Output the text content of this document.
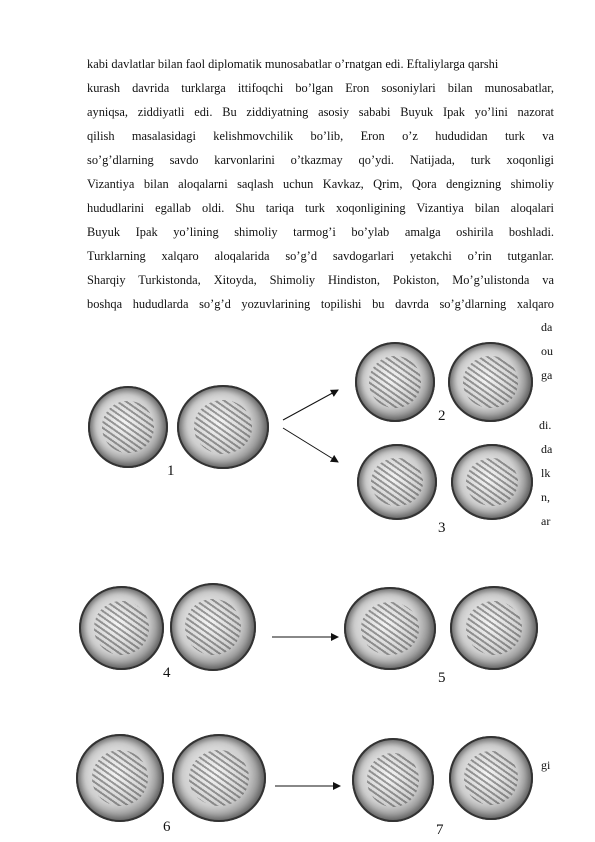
kabi davlatlar bilan faol diplomatik munosabatlar o’rnatgan edi. Eftaliylarga qarshi
kurash davrida turklarga ittifoqchi bo’lgan Eron sosoniylari bilan munosabatlar,
ayniqsa, ziddiyatli edi. Bu ziddiyatning asosiy sababi Buyuk Ipak yo’lini nazorat
qilish masalasidagi kelishmovchilik bo’lib, Eron o’z hududidan turk va
so’g’dlarning savdo karvonlarini o’tkazmay qo’ydi. Natijada, turk xoqonligi
Vizantiya bilan aloqalarni saqlash uchun Kavkaz, Qrim, Qora dengizning shimoliy
hududlarini egallab oldi. Shu tariqa turk xoqonligining Vizantiya bilan aloqalari
Buyuk Ipak yo’lining shimoliy tarmog’i bo’ylab amalga oshirila boshladi.
Turklarning xalqaro aloqalarida so’g’d savdogarlari yetakchi o’rin tutganlar.
Sharqiy Turkistonda, Xitoyda, Shimoliy Hindiston, Pokiston, Mo’g’ulistonda va
boshqa hududlarda so’g’d yozuvlarining topilishi bu davrda so’g’dlarning xalqaro
da
ou
ga
di.
da
lk
n,
ar
gi
1
2
3
4	5
6	7
